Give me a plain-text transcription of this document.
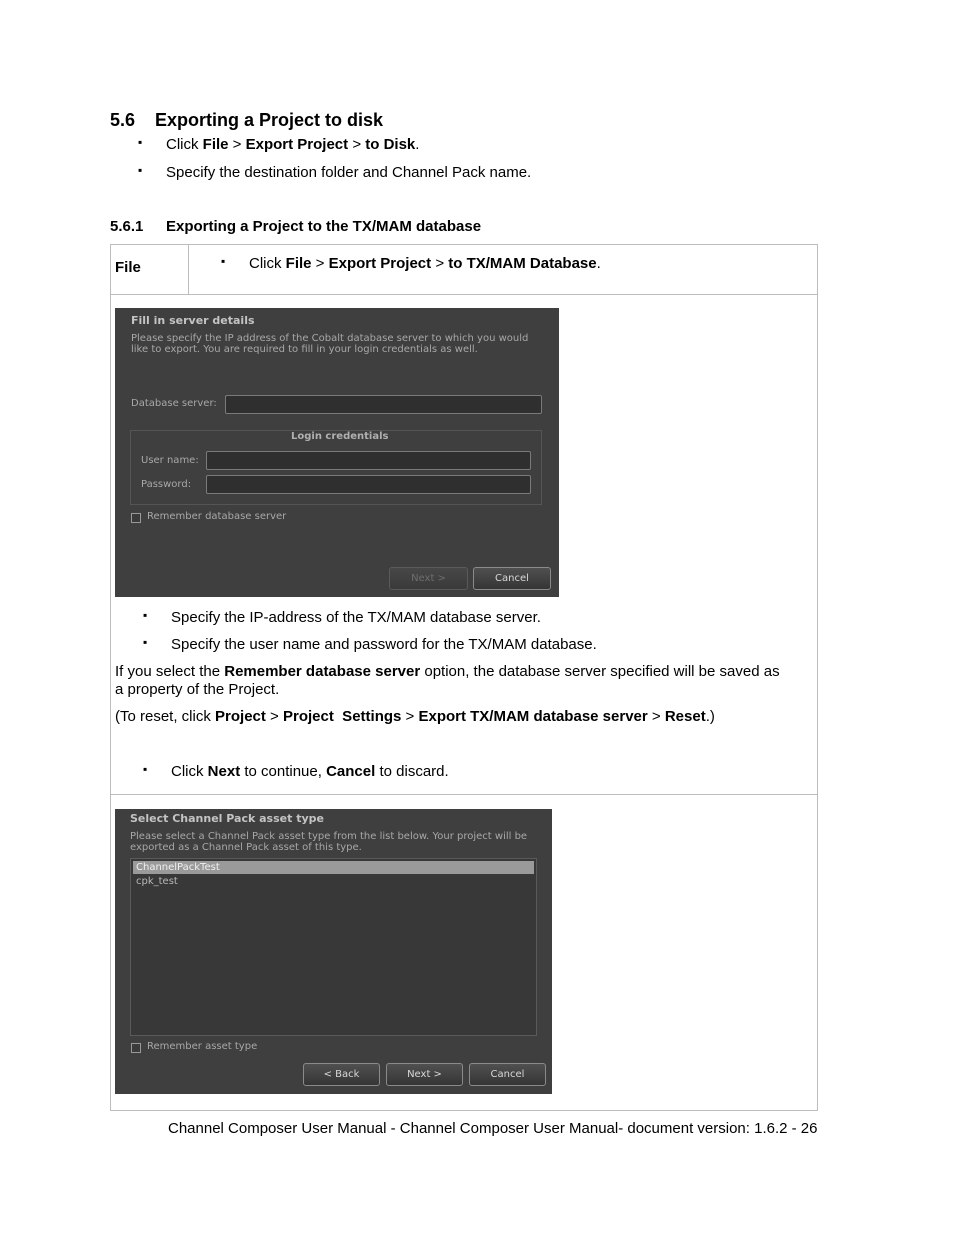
5.6 Exporting a Project to disk
▪ Click File > Export Project > to Disk.
▪ Specify the destination folder and Channel Pack name.
5.6.1 Exporting a Project to the TX/MAM database
File	▪ Click File > Export Project > to TX/MAM Database.
Fill in server details
Please specify the IP address of the Cobalt database server to which you would
like to export. You are required to fill in your login credentials as well.
Database server:
Login credentials
User name:
Password:
Remember database server
Next >	Cancel
▪ Specify the IP-address of the TX/MAM database server.
▪ Specify the user name and password for the TX/MAM database.
If you select the Remember database server option, the database server specified will be saved as
a property of the Project.
(To reset, click Project > Project  Settings > Export TX/MAM database server > Reset.)
▪ Click Next to continue, Cancel to discard.
Select Channel Pack asset type
Please select a Channel Pack asset type from the list below. Your project will be
exported as a Channel Pack asset of this type.
ChannelPackTest
cpk_test
Remember asset type
< Back	Next >	Cancel
Channel Composer User Manual - Channel Composer User Manual- document version: 1.6.2 - 26
